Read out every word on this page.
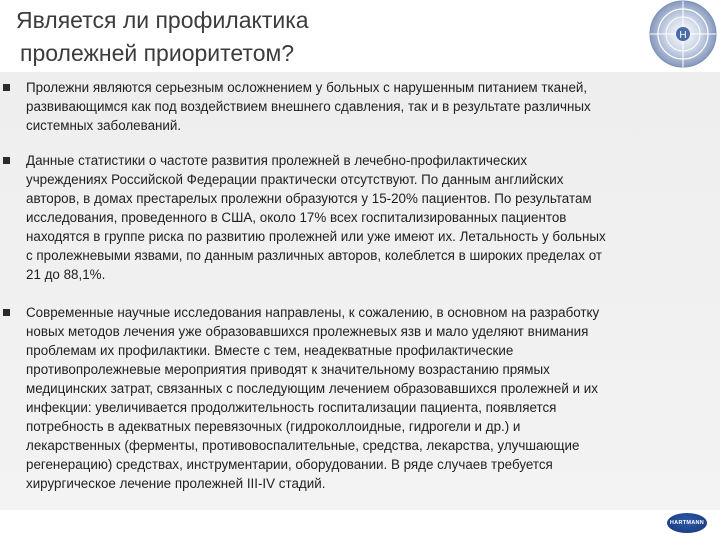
Является ли профилактика
пролежней приоритетом?
Н
Пролежни являются серьезным осложнением у больных с нарушенным питанием тканей,
развивающимся как под воздействием внешнего сдавления, так и в результате различных
системных заболеваний.
Данные статистики о частоте развития пролежней в лечебно-профилактических
учреждениях Российской Федерации практически отсутствуют. По данным английских
авторов, в домах престарелых пролежни образуются у 15-20% пациентов. По результатам
исследования, проведенного в США, около 17% всех госпитализированных пациентов
находятся в группе риска по развитию пролежней или уже имеют их. Летальность у больных
с пролежневыми язвами, по данным различных авторов, колеблется в широких пределах от
21 до 88,1%.
Современные научные исследования направлены, к сожалению, в основном на разработку
новых методов лечения уже образовавшихся пролежневых язв и мало уделяют внимания
проблемам их профилактики. Вместе с тем, неадекватные профилактические
противопролежневые мероприятия приводят к значительному возрастанию прямых
медицинских затрат, связанных с последующим лечением образовавшихся пролежней и их
инфекции: увеличивается продолжительность госпитализации пациента, появляется
потребность в адекватных перевязочных (гидроколлоидные, гидрогели и др.) и
лекарственных (ферменты, противовоспалительные, средства, лекарства, улучшающие
регенерацию) средствах, инструментарии, оборудовании. В ряде случаев требуется
хирургическое лечение пролежней III-IV стадий.
HARTMANN
